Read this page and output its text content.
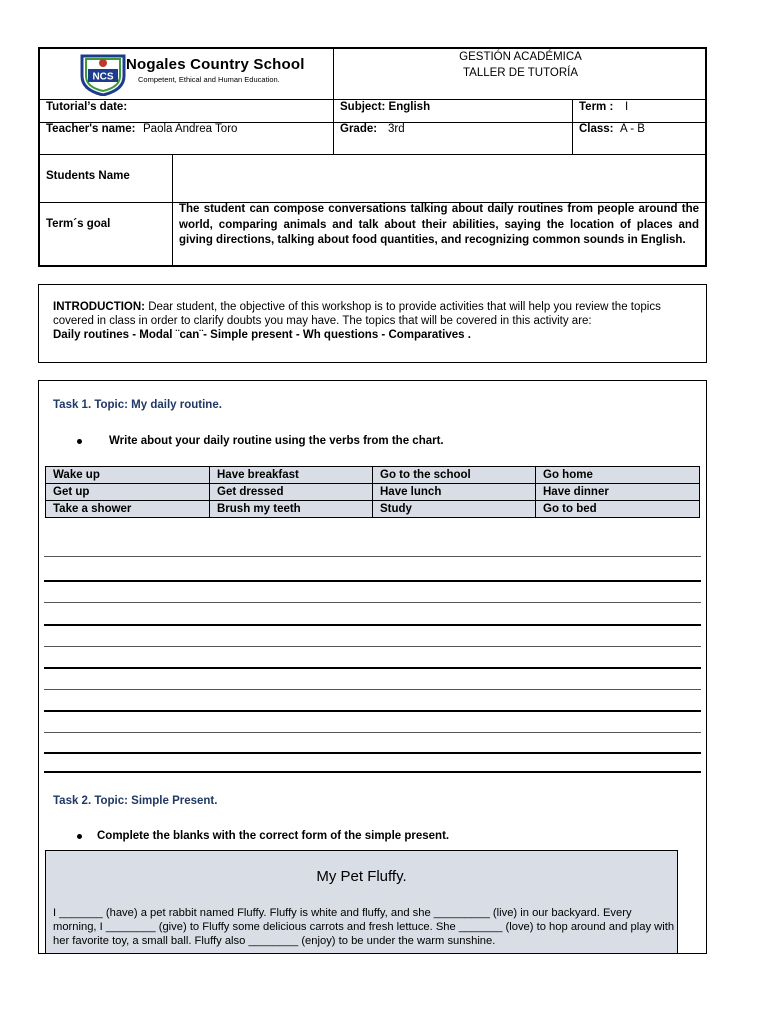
NCS
Nogales Country School
Competent, Ethical and Human Education.
GESTIÓN ACADÉMICA
TALLER DE TUTORÍA
Tutorial’s date:	Subject: English	Term : I
Teacher's name: Paola Andrea Toro	Grade: 3rd	Class: A - B
Students Name
Term´s goal
The student can compose conversations talking about daily routines from people around the world, comparing animals and talk about their abilities, saying the location of places and giving directions, talking about food quantities, and recognizing common sounds in English.
INTRODUCTION: Dear student, the objective of this workshop is to provide activities that will help you review the topics covered in class in order to clarify doubts you may have. The topics that will be covered in this activity are:
Daily routines - Modal ¨can¨- Simple present - Wh questions - Comparatives .
Task 1. Topic: My daily routine.
Write about your daily routine using the verbs from the chart.
Wake up	Have breakfast	Go to the school	Go home
Get up	Get dressed	Have lunch	Have dinner
Take a shower	Brush my teeth	Study	Go to bed
Task 2. Topic: Simple Present.
Complete the blanks with the correct form of the simple present.
My Pet Fluffy.
I _______ (have) a pet rabbit named Fluffy. Fluffy is white and fluffy, and she _________ (live) in our backyard. Every morning, I ________ (give) to Fluffy some delicious carrots and fresh lettuce. She _______ (love) to hop around and play with her favorite toy, a small ball. Fluffy also ________ (enjoy) to be under the warm sunshine.
